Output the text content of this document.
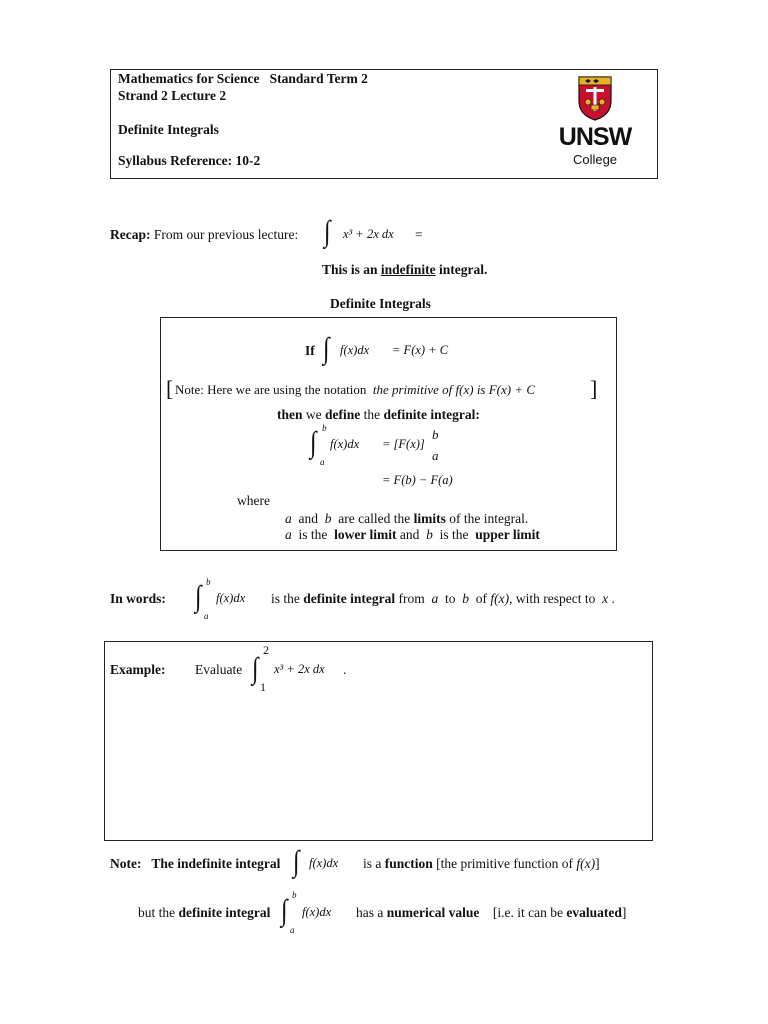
Mathematics for Science Standard Term 2
Strand 2 Lecture 2
Definite Integrals
Syllabus Reference: 10-2
UNSW
College
Recap: From our previous lecture: ∫ x³ + 2x dx =
This is an indefinite integral.
Definite Integrals
If ∫ f(x)dx = F(x) + C
[ Note: Here we are using the notation the primitive of f(x) is F(x) + C ]
then we define the definite integral:
∫ b
a
f(x)dx = [F(x)]
b
a
= F(b) − F(a)
where
a and b are called the limits of the integral.
a is the lower limit and b is the upper limit
In words: ∫ b
a
f(x)dx is the definite integral from a to b of f(x), with respect to x .
Example: Evaluate ∫
2
1
x³ + 2x dx .
Note: The indefinite integral ∫ f(x)dx is a function [the primitive function of f(x)]
but the definite integral ∫ b
a
f(x)dx has a numerical value [i.e. it can be evaluated]
